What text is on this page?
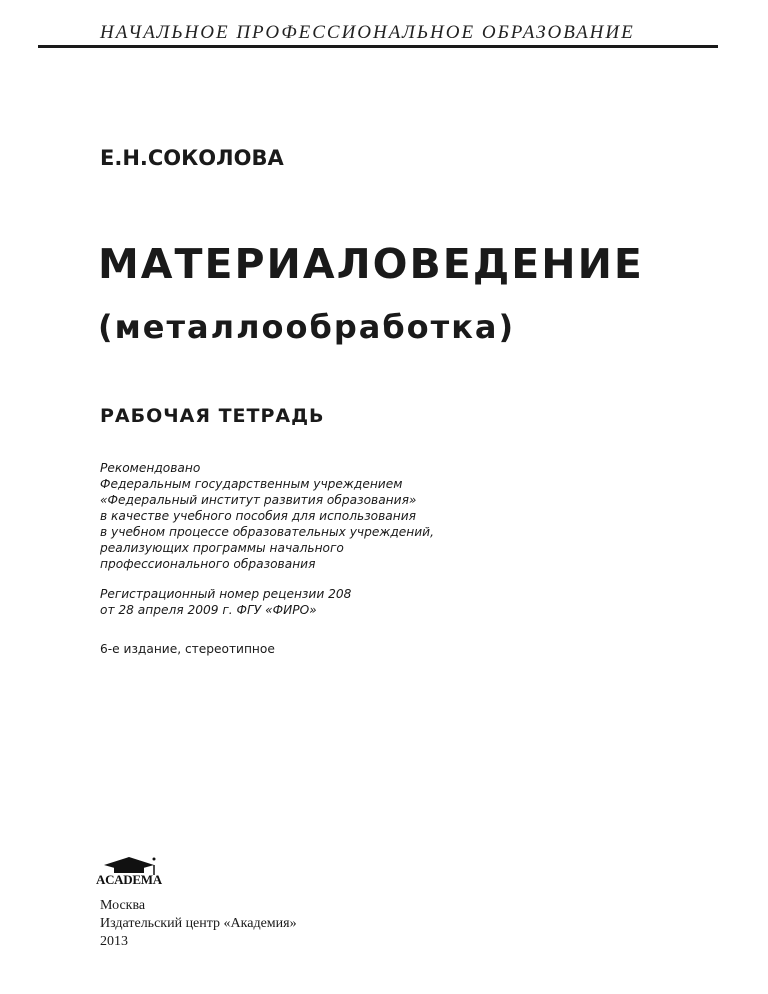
НАЧАЛЬНОЕ ПРОФЕССИОНАЛЬНОЕ ОБРАЗОВАНИЕ
Е.Н.СОКОЛОВА
МАТЕРИАЛОВЕДЕНИЕ
(металлообработка)
РАБОЧАЯ ТЕТРАДЬ
Рекомендовано
Федеральным государственным учреждением
«Федеральный институт развития образования»
в качестве учебного пособия для использования
в учебном процессе образовательных учреждений,
реализующих программы начального
профессионального образования
Регистрационный номер рецензии 208
от 28 апреля 2009 г. ФГУ «ФИРО»
6-е издание, стереотипное
ACADEMA
Москва
Издательский центр «Академия»
2013
